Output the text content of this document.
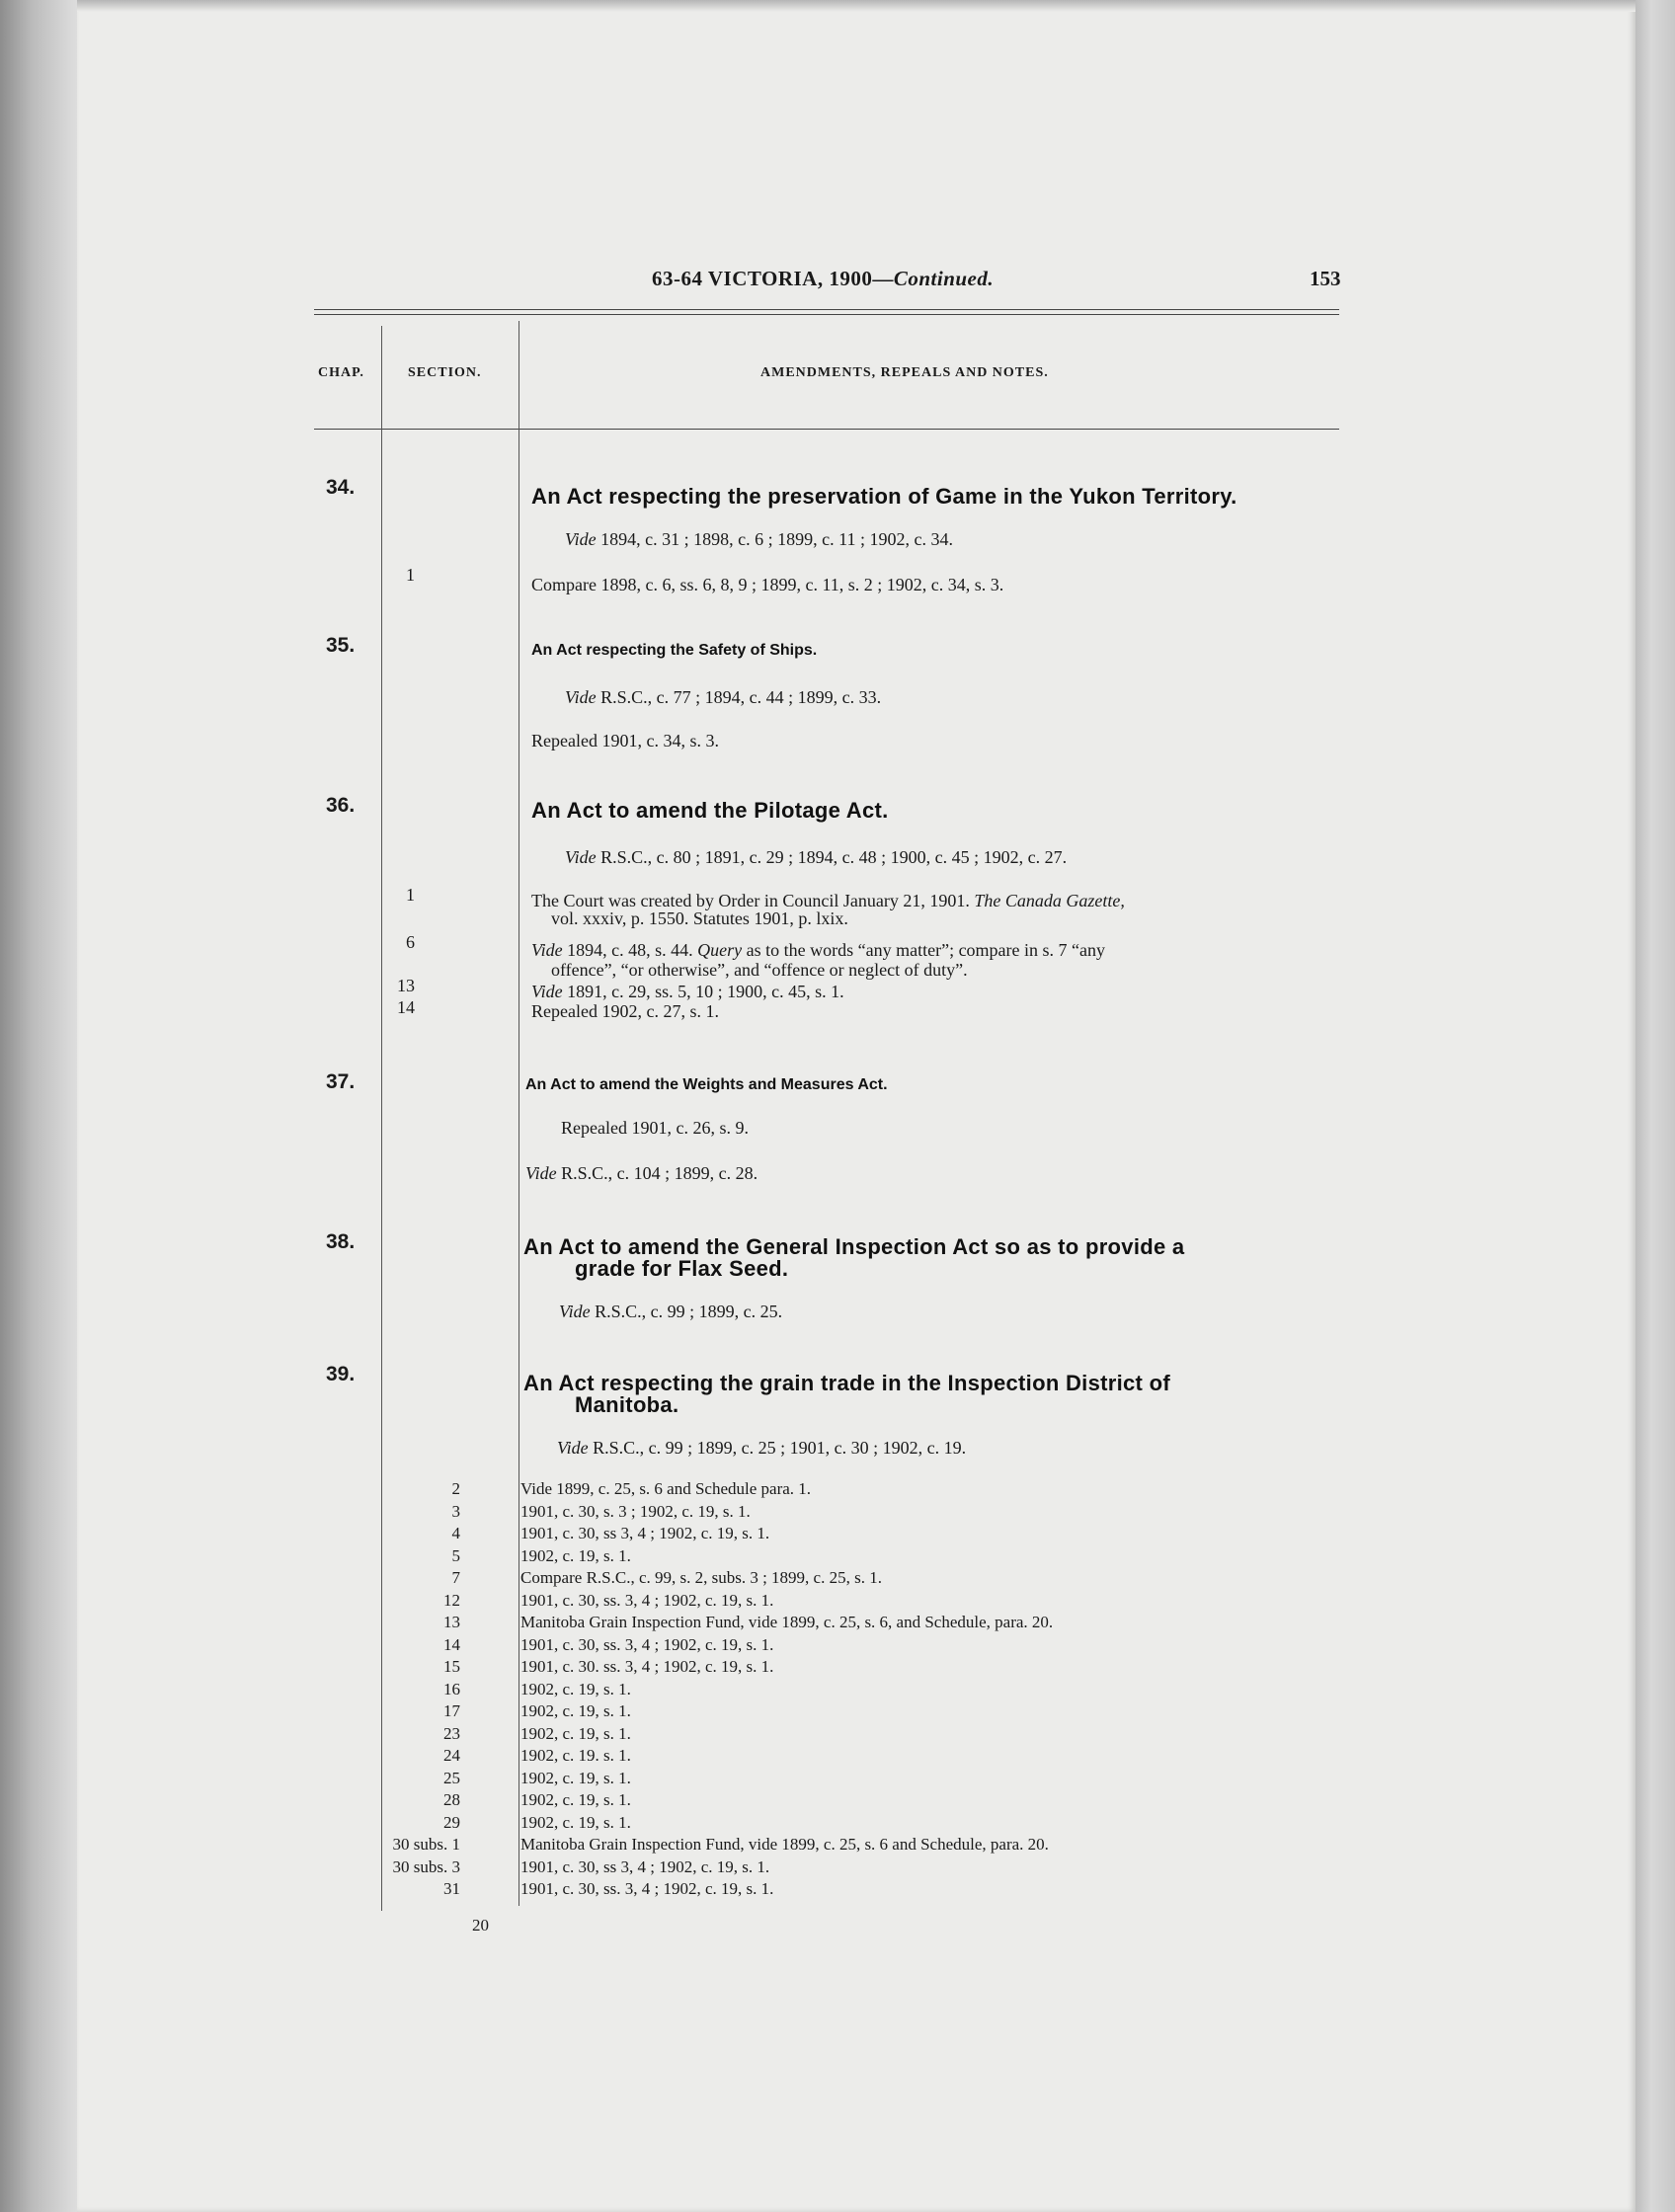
63-64 VICTORIA, 1900—Continued.	153
CHAP.	SECTION.	AMENDMENTS, REPEALS AND NOTES.
34.	An Act respecting the preservation of Game in the Yukon Territory.
Vide 1894, c. 31 ; 1898, c. 6 ; 1899, c. 11 ; 1902, c. 34.
1	Compare 1898, c. 6, ss. 6, 8, 9 ; 1899, c. 11, s. 2 ; 1902, c. 34, s. 3.
35.	An Act respecting the Safety of Ships.
Vide R.S.C., c. 77 ; 1894, c. 44 ; 1899, c. 33.
Repealed 1901, c. 34, s. 3.
36.	An Act to amend the Pilotage Act.
Vide R.S.C., c. 80 ; 1891, c. 29 ; 1894, c. 48 ; 1900, c. 45 ; 1902, c. 27.
1	The Court was created by Order in Council January 21, 1901. The Canada Gazette,
vol. xxxiv, p. 1550. Statutes 1901, p. lxix.
6	Vide 1894, c. 48, s. 44. Query as to the words “any matter”; compare in s. 7 “any
offence”, “or otherwise”, and “offence or neglect of duty”.
13	Vide 1891, c. 29, ss. 5, 10 ; 1900, c. 45, s. 1.
14	Repealed 1902, c. 27, s. 1.
37.	An Act to amend the Weights and Measures Act.
Repealed 1901, c. 26, s. 9.
Vide R.S.C., c. 104 ; 1899, c. 28.
38.	An Act to amend the General Inspection Act so as to provide a
grade for Flax Seed.
Vide R.S.C., c. 99 ; 1899, c. 25.
39.	An Act respecting the grain trade in the Inspection District of
Manitoba.
Vide R.S.C., c. 99 ; 1899, c. 25 ; 1901, c. 30 ; 1902, c. 19.
2	Vide 1899, c. 25, s. 6 and Schedule para. 1.
3	1901, c. 30, s. 3 ; 1902, c. 19, s. 1.
4	1901, c. 30, ss 3, 4 ; 1902, c. 19, s. 1.
5	1902, c. 19, s. 1.
7	Compare R.S.C., c. 99, s. 2, subs. 3 ; 1899, c. 25, s. 1.
12	1901, c. 30, ss. 3, 4 ; 1902, c. 19, s. 1.
13	Manitoba Grain Inspection Fund, vide 1899, c. 25, s. 6, and Schedule, para. 20.
14	1901, c. 30, ss. 3, 4 ; 1902, c. 19, s. 1.
15	1901, c. 30. ss. 3, 4 ; 1902, c. 19, s. 1.
16	1902, c. 19, s. 1.
17	1902, c. 19, s. 1.
23	1902, c. 19, s. 1.
24	1902, c. 19. s. 1.
25	1902, c. 19, s. 1.
28	1902, c. 19, s. 1.
29	1902, c. 19, s. 1.
30 subs. 1	Manitoba Grain Inspection Fund, vide 1899, c. 25, s. 6 and Schedule, para. 20.
30 subs. 3	1901, c. 30, ss 3, 4 ; 1902, c. 19, s. 1.
31	1901, c. 30, ss. 3, 4 ; 1902, c. 19, s. 1.
20
